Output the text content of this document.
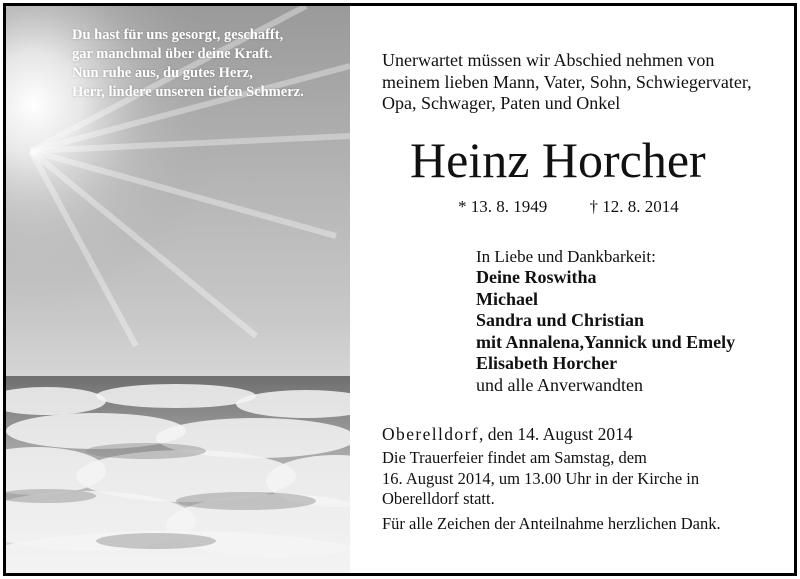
Du hast für uns gesorgt, geschafft,
gar manchmal über deine Kraft.
Nun ruhe aus, du gutes Herz,
Herr, lindere unseren tiefen Schmerz.
Unerwartet müssen wir Abschied nehmen von
meinem lieben Mann, Vater, Sohn, Schwiegervater,
Opa, Schwager, Paten und Onkel
Heinz Horcher
* 13. 8. 1949 † 12. 8. 2014
In Liebe und Dankbarkeit:
Deine Roswitha
Michael
Sandra und Christian
mit Annalena,Yannick und Emely
Elisabeth Horcher
und alle Anverwandten
Oberelldorf, den 14. August 2014
Die Trauerfeier findet am Samstag, dem
16. August 2014, um 13.00 Uhr in der Kirche in
Oberelldorf statt.
Für alle Zeichen der Anteilnahme herzlichen Dank.
